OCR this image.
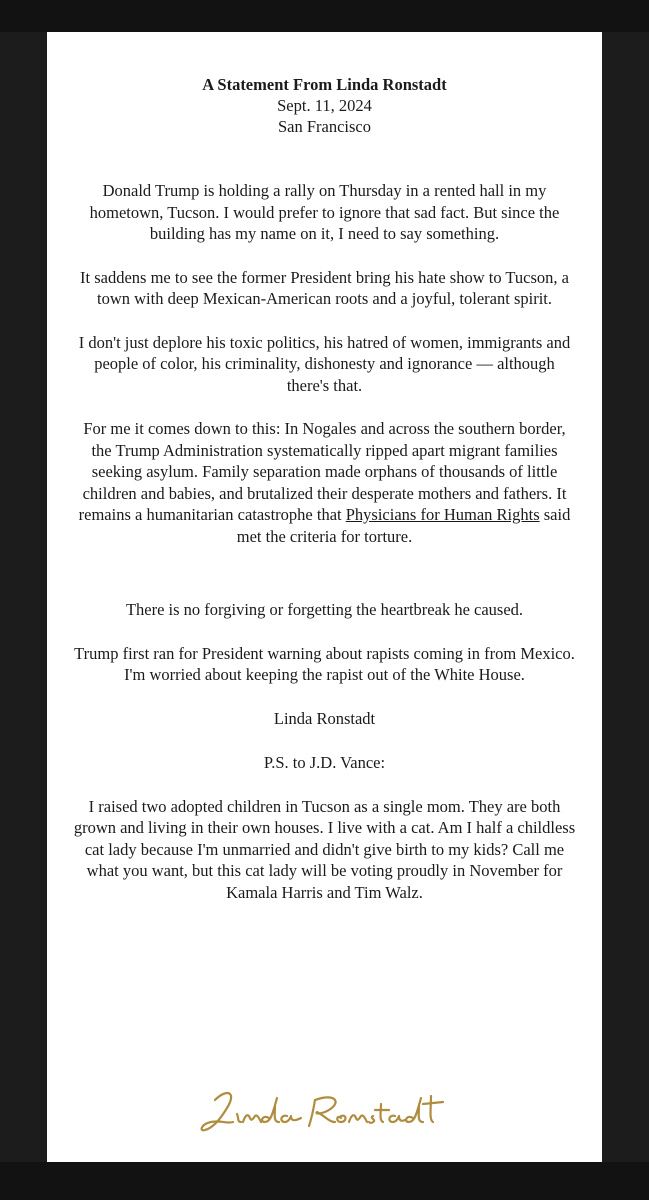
A Statement From Linda Ronstadt

Sept. 11, 2024

San Francisco

Donald Trump is holding a rally on Thursday in a rented hall in my hometown, Tucson. I would prefer to ignore that sad fact. But since the building has my name on it, I need to say something.

It saddens me to see the former President bring his hate show to Tucson, a town with deep Mexican-American roots and a joyful, tolerant spirit.

I don't just deplore his toxic politics, his hatred of women, immigrants and people of color, his criminality, dishonesty and ignorance — although there's that.

For me it comes down to this: In Nogales and across the southern border, the Trump Administration systematically ripped apart migrant families seeking asylum. Family separation made orphans of thousands of little children and babies, and brutalized their desperate mothers and fathers. It remains a humanitarian catastrophe that Physicians for Human Rights said met the criteria for torture.

There is no forgiving or forgetting the heartbreak he caused.

Trump first ran for President warning about rapists coming in from Mexico. I'm worried about keeping the rapist out of the White House.

Linda Ronstadt

P.S. to J.D. Vance:

I raised two adopted children in Tucson as a single mom. They are both grown and living in their own houses. I live with a cat. Am I half a childless cat lady because I'm unmarried and didn't give birth to my kids? Call me what you want, but this cat lady will be voting proudly in November for Kamala Harris and Tim Walz.
